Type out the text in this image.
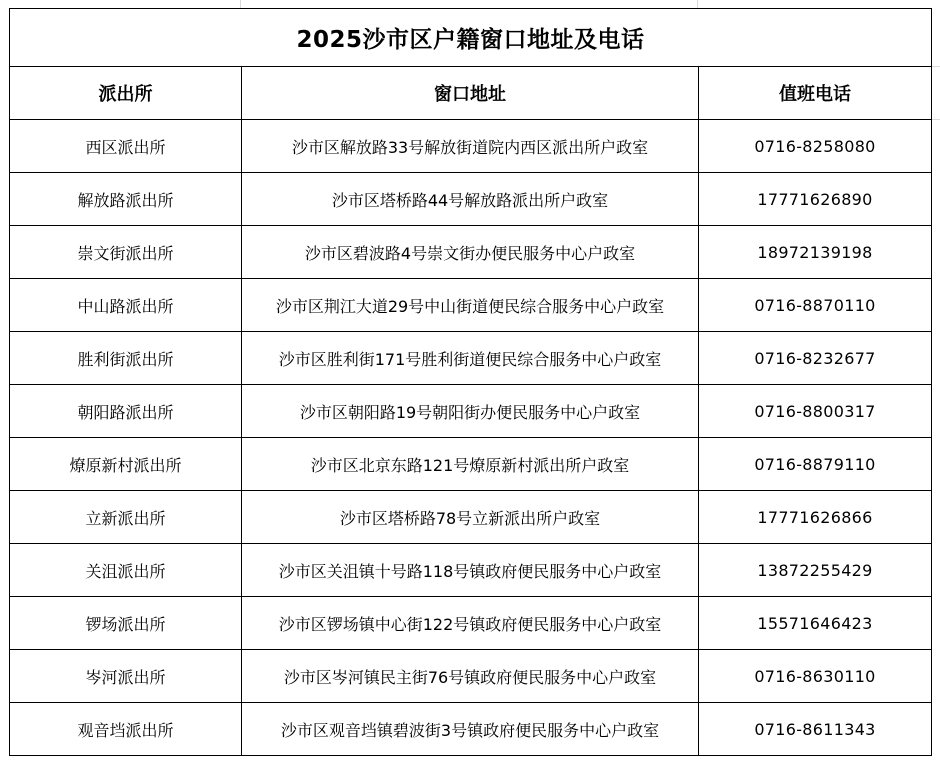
2025沙市区户籍窗口地址及电话		
派出所	窗口地址	值班电话
西区派出所	沙市区解放路33号解放街道院内西区派出所户政室	0716-8258080
解放路派出所	沙市区塔桥路44号解放路派出所户政室	17771626890
崇文街派出所	沙市区碧波路4号崇文街办便民服务中心户政室	18972139198
中山路派出所	沙市区荆江大道29号中山街道便民综合服务中心户政室	0716-8870110
胜利街派出所	沙市区胜利街171号胜利街道便民综合服务中心户政室	0716-8232677
朝阳路派出所	沙市区朝阳路19号朝阳街办便民服务中心户政室	0716-8800317
燎原新村派出所	沙市区北京东路121号燎原新村派出所户政室	0716-8879110
立新派出所	沙市区塔桥路78号立新派出所户政室	17771626866
关沮派出所	沙市区关沮镇十号路118号镇政府便民服务中心户政室	13872255429
锣场派出所	沙市区锣场镇中心街122号镇政府便民服务中心户政室	15571646423
岑河派出所	沙市区岑河镇民主街76号镇政府便民服务中心户政室	0716-8630110
观音垱派出所	沙市区观音垱镇碧波街3号镇政府便民服务中心户政室	0716-8611343
